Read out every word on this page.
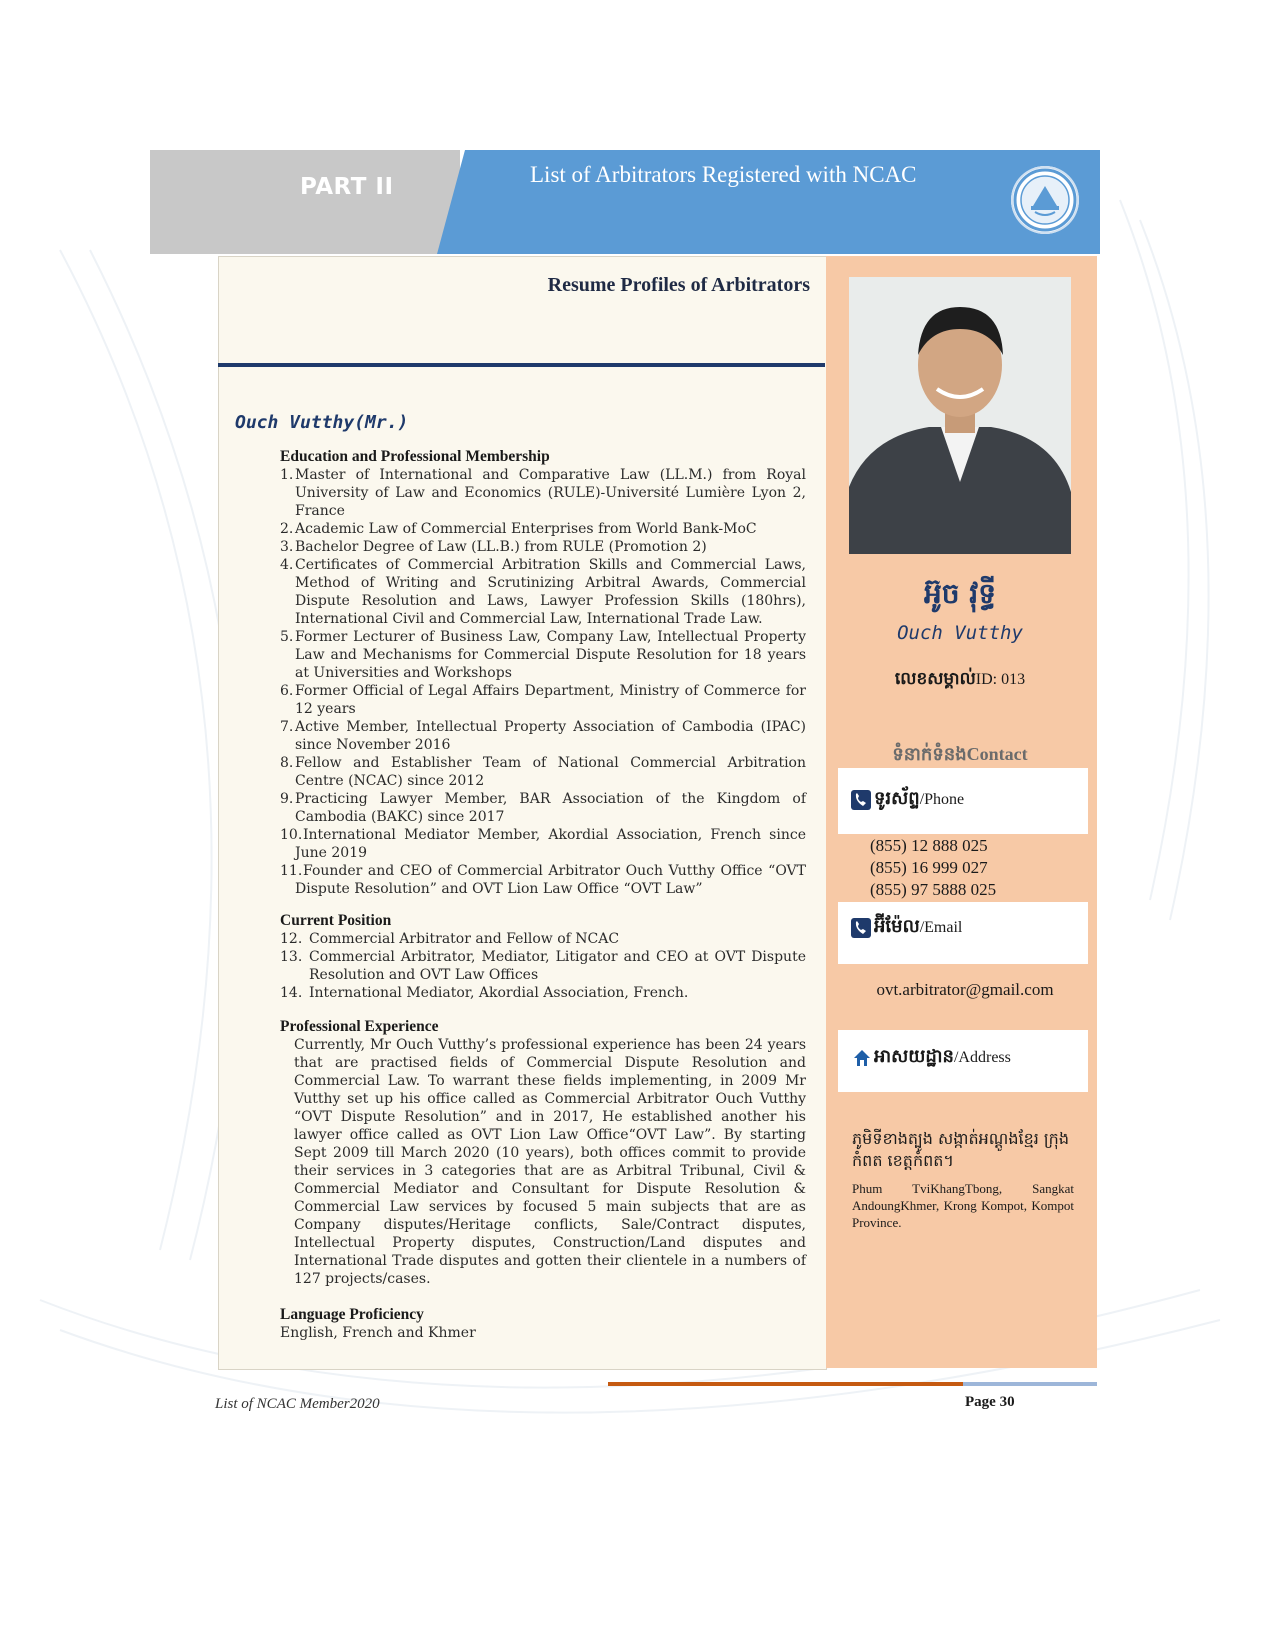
PART II	List of Arbitrators Registered with NCAC
Resume Profiles of Arbitrators
Ouch Vutthy(Mr.)
Education and Professional Membership
1. Master of International and Comparative Law (LL.M.) from Royal University of Law and Economics (RULE)-Université Lumière Lyon 2, France
2. Academic Law of Commercial Enterprises from World Bank-MoC
3. Bachelor Degree of Law (LL.B.) from RULE (Promotion 2)
4. Certificates of Commercial Arbitration Skills and Commercial Laws, Method of Writing and Scrutinizing Arbitral Awards, Commercial Dispute Resolution and Laws, Lawyer Profession Skills (180hrs), International Civil and Commercial Law, International Trade Law.
5. Former Lecturer of Business Law, Company Law, Intellectual Property Law and Mechanisms for Commercial Dispute Resolution for 18 years at Universities and Workshops
6. Former Official of Legal Affairs Department, Ministry of Commerce for 12 years
7. Active Member, Intellectual Property Association of Cambodia (IPAC) since November 2016
8. Fellow and Establisher Team of National Commercial Arbitration Centre (NCAC) since 2012
9. Practicing Lawyer Member, BAR Association of the Kingdom of Cambodia (BAKC) since 2017
10. International Mediator Member, Akordial Association, French since June 2019
11. Founder and CEO of Commercial Arbitrator Ouch Vutthy Office “OVT Dispute Resolution” and OVT Lion Law Office “OVT Law”
Current Position
12. Commercial Arbitrator and Fellow of NCAC
13. Commercial Arbitrator, Mediator, Litigator and CEO at OVT Dispute Resolution and OVT Law Offices
14. International Mediator, Akordial Association, French.
Professional Experience
Currently, Mr Ouch Vutthy’s professional experience has been 24 years that are practised fields of Commercial Dispute Resolution and Commercial Law. To warrant these fields implementing, in 2009 Mr Vutthy set up his office called as Commercial Arbitrator Ouch Vutthy “OVT Dispute Resolution” and in 2017, He established another his lawyer office called as OVT Lion Law Office“OVT Law”. By starting Sept 2009 till March 2020 (10 years), both offices commit to provide their services in 3 categories that are as Arbitral Tribunal, Civil & Commercial Mediator and Consultant for Dispute Resolution & Commercial Law services by focused 5 main subjects that are as Company disputes/Heritage conflicts, Sale/Contract disputes, Intellectual Property disputes, Construction/Land disputes and International Trade disputes and gotten their clientele in a numbers of 127 projects/cases.
Language Proficiency
English, French and Khmer
អ៊ូច វុទ្ធី
Ouch Vutthy
លេខសម្គាល់ID: 013
ទំនាក់ទំនងContact
ទូរស័ព្ទ/Phone
(855) 12 888 025
(855) 16 999 027
(855) 97 5888 025
អ៊ីម៉ែល/Email
ovt.arbitrator@gmail.com
អាសយដ្ឋាន/Address
ភូមិទីខាងត្បូង សង្កាត់អណ្តូងខ្មែរ ក្រុងកំពត ខេត្តកំពត។
Phum TviKhangTbong, Sangkat AndoungKhmer, Krong Kompot, Kompot Province.
List of NCAC Member2020	Page 30
